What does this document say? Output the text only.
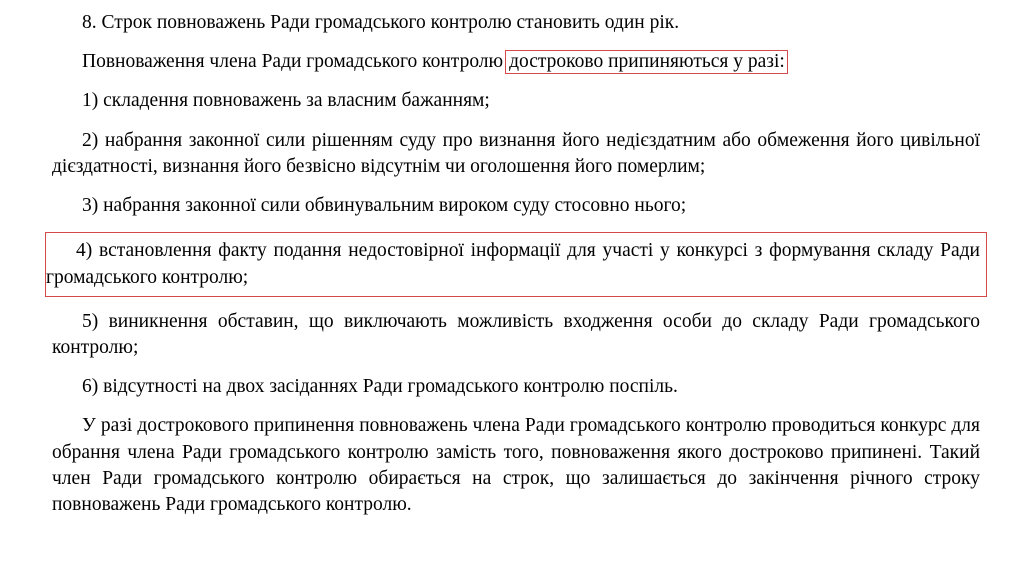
8. Строк повноважень Ради громадського контролю становить один рік.

Повноваження члена Ради громадського контролю достроково припиняються у разі:

1) складення повноважень за власним бажанням;

2) набрання законної сили рішенням суду про визнання його недієздатним або обмеження його цивільної дієздатності, визнання його безвісно відсутнім чи оголошення його померлим;

3) набрання законної сили обвинувальним вироком суду стосовно нього;

4) встановлення факту подання недостовірної інформації для участі у конкурсі з формування складу Ради громадського контролю;

5) виникнення обставин, що виключають можливість входження особи до складу Ради громадського контролю;

6) відсутності на двох засіданнях Ради громадського контролю поспіль.

У разі дострокового припинення повноважень члена Ради громадського контролю проводиться конкурс для обрання члена Ради громадського контролю замість того, повноваження якого достроково припинені. Такий член Ради громадського контролю обирається на строк, що залишається до закінчення річного строку повноважень Ради громадського контролю.
